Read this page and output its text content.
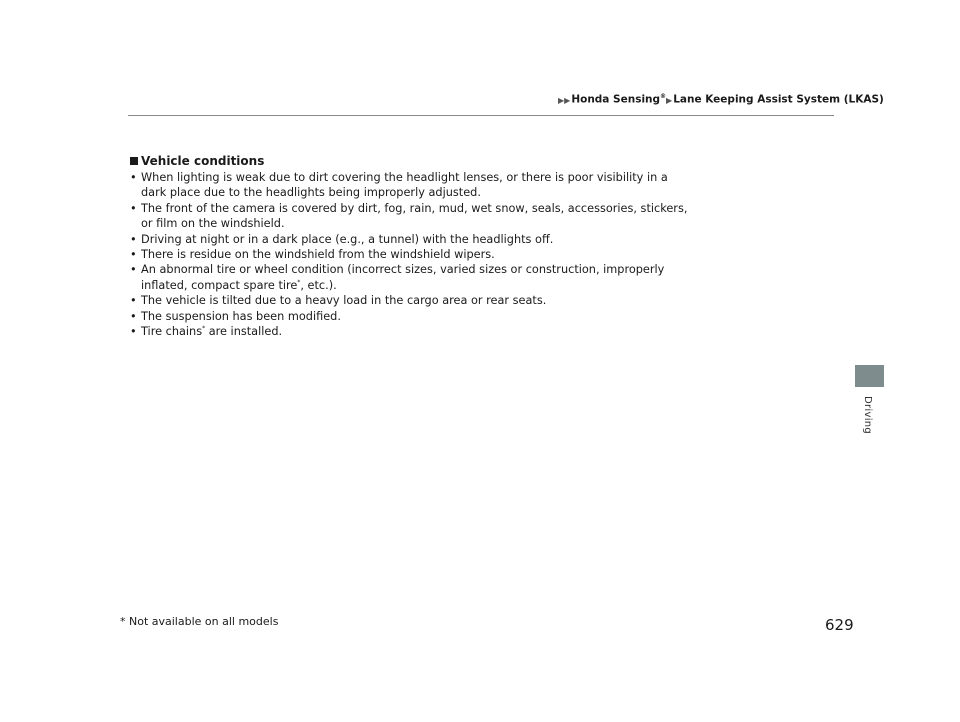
▶▶Honda Sensing®▶Lane Keeping Assist System (LKAS)
Vehicle conditions
• When lighting is weak due to dirt covering the headlight lenses, or there is poor visibility in a dark place due to the headlights being improperly adjusted.
• The front of the camera is covered by dirt, fog, rain, mud, wet snow, seals, accessories, stickers, or film on the windshield.
• Driving at night or in a dark place (e.g., a tunnel) with the headlights off.
• There is residue on the windshield from the windshield wipers.
• An abnormal tire or wheel condition (incorrect sizes, varied sizes or construction, improperly inflated, compact spare tire*, etc.).
• The vehicle is tilted due to a heavy load in the cargo area or rear seats.
• The suspension has been modified.
• Tire chains* are installed.
Driving
* Not available on all models	629
